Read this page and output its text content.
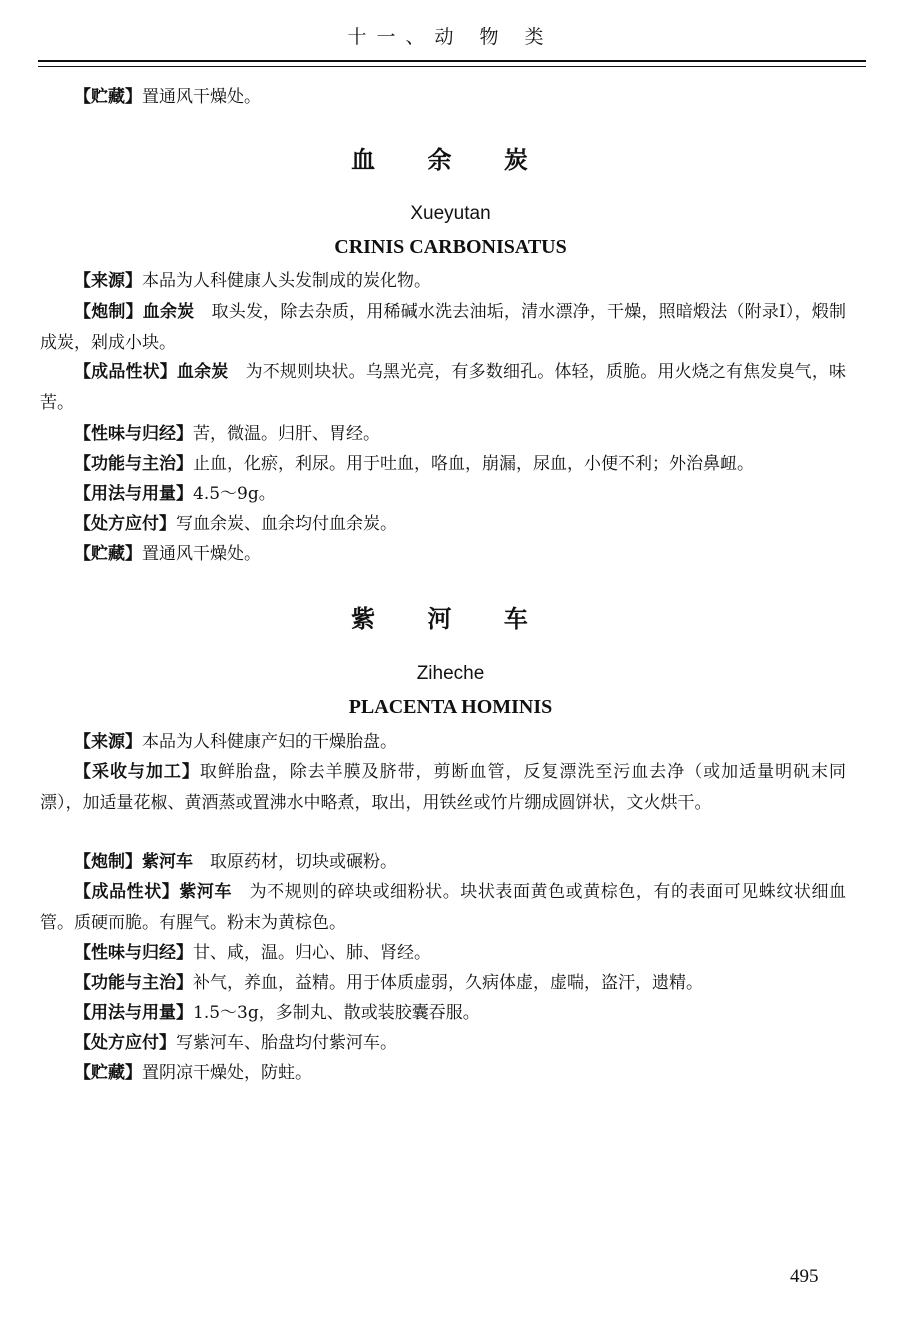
十一、动 物 类
【贮藏】置通风干燥处。
血 余 炭
Xueyutan
CRINIS CARBONISATUS
【来源】本品为人科健康人头发制成的炭化物。
【炮制】血余炭　取头发，除去杂质，用稀碱水洗去油垢，清水漂净，干燥，照暗煅法（附录Ⅰ），煅制成炭，剁成小块。
【成品性状】血余炭　为不规则块状。乌黑光亮，有多数细孔。体轻，质脆。用火烧之有焦发臭气，味苦。
【性味与归经】苦，微温。归肝、胃经。
【功能与主治】止血，化瘀，利尿。用于吐血，咯血，崩漏，尿血，小便不利；外治鼻衄。
【用法与用量】4.5～9g。
【处方应付】写血余炭、血余均付血余炭。
【贮藏】置通风干燥处。
紫 河 车
Ziheche
PLACENTA HOMINIS
【来源】本品为人科健康产妇的干燥胎盘。
【采收与加工】取鲜胎盘，除去羊膜及脐带，剪断血管，反复漂洗至污血去净（或加适量明矾末同漂），加适量花椒、黄酒蒸或置沸水中略煮，取出，用铁丝或竹片绷成圆饼状，文火烘干。
【炮制】紫河车　取原药材，切块或碾粉。
【成品性状】紫河车　为不规则的碎块或细粉状。块状表面黄色或黄棕色，有的表面可见蛛纹状细血管。质硬而脆。有腥气。粉末为黄棕色。
【性味与归经】甘、咸，温。归心、肺、肾经。
【功能与主治】补气，养血，益精。用于体质虚弱，久病体虚，虚喘，盗汗，遗精。
【用法与用量】1.5～3g，多制丸、散或装胶囊吞服。
【处方应付】写紫河车、胎盘均付紫河车。
【贮藏】置阴凉干燥处，防蛀。
495
